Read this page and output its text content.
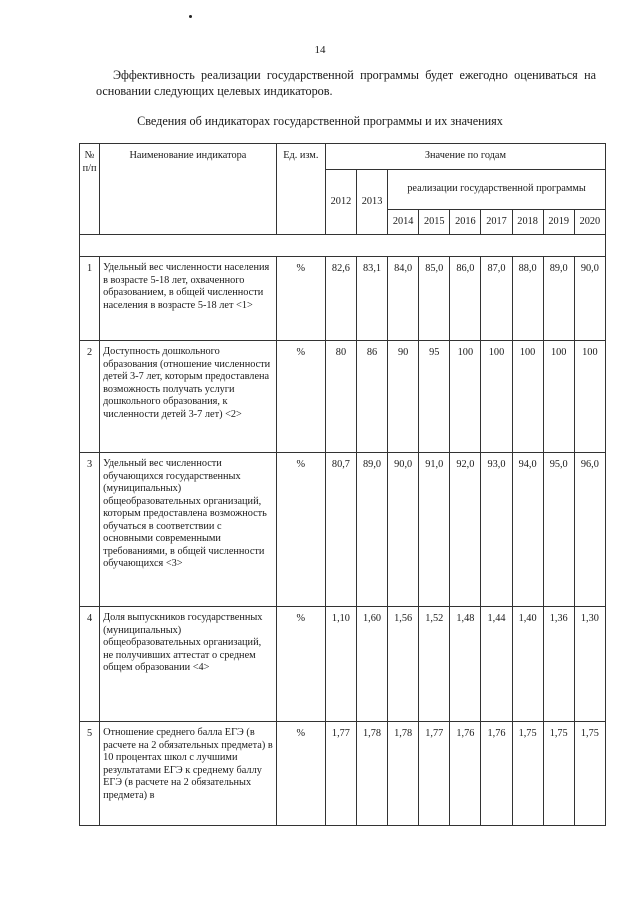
14
Эффективность реализации государственной программы будет ежегодно оцениваться на основании следующих целевых индикаторов.
Сведения об индикаторах государственной программы и их значениях
№ п/п	Наименование индикатора	Ед. изм.	Значение по годам								
			2012	2013	реализации государственной программы						
					2014	2015	2016	2017	2018	2019	2020

1	Удельный вес численности населения в возрасте 5-18 лет, охваченного образованием, в общей численности населения в возрасте 5-18 лет <1>	%	82,6	83,1	84,0	85,0	86,0	87,0	88,0	89,0	90,0
2	Доступность дошкольного образования (отношение численности детей 3-7 лет, которым предоставлена возможность получать услуги дошкольного образования, к численности детей 3-7 лет) <2>	%	80	86	90	95	100	100	100	100	100
3	Удельный вес численности обучающихся государственных (муниципальных) общеобразовательных организаций, которым предоставлена возможность обучаться в соответствии с основными современными требованиями, в общей численности обучающихся <3>	%	80,7	89,0	90,0	91,0	92,0	93,0	94,0	95,0	96,0
4	Доля выпускников государственных (муниципальных) общеобразовательных организаций, не получивших аттестат о среднем общем образовании <4>	%	1,10	1,60	1,56	1,52	1,48	1,44	1,40	1,36	1,30
5	Отношение среднего балла ЕГЭ (в расчете на 2 обязательных предмета) в 10 процентах школ с лучшими результатами ЕГЭ к среднему баллу ЕГЭ (в расчете на 2 обязательных предмета) в	%	1,77	1,78	1,78	1,77	1,76	1,76	1,75	1,75	1,75
